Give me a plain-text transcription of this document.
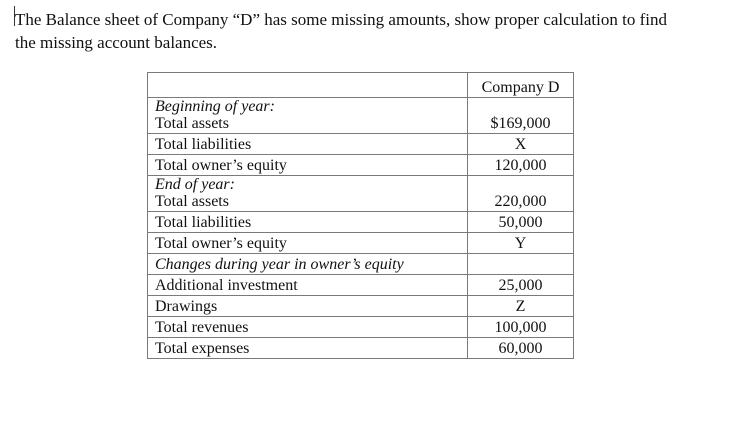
The Balance sheet of Company “D” has some missing amounts, show proper calculation to find
the missing account balances.

	Company D

Beginning of year:
Total assets	$169,000
Total liabilities	X
Total owner’s equity	120,000

End of year:
Total assets	220,000
Total liabilities	50,000
Total owner’s equity	Y
Changes during year in owner’s equity	
Additional investment	25,000
Drawings	Z
Total revenues	100,000
Total expenses	60,000
